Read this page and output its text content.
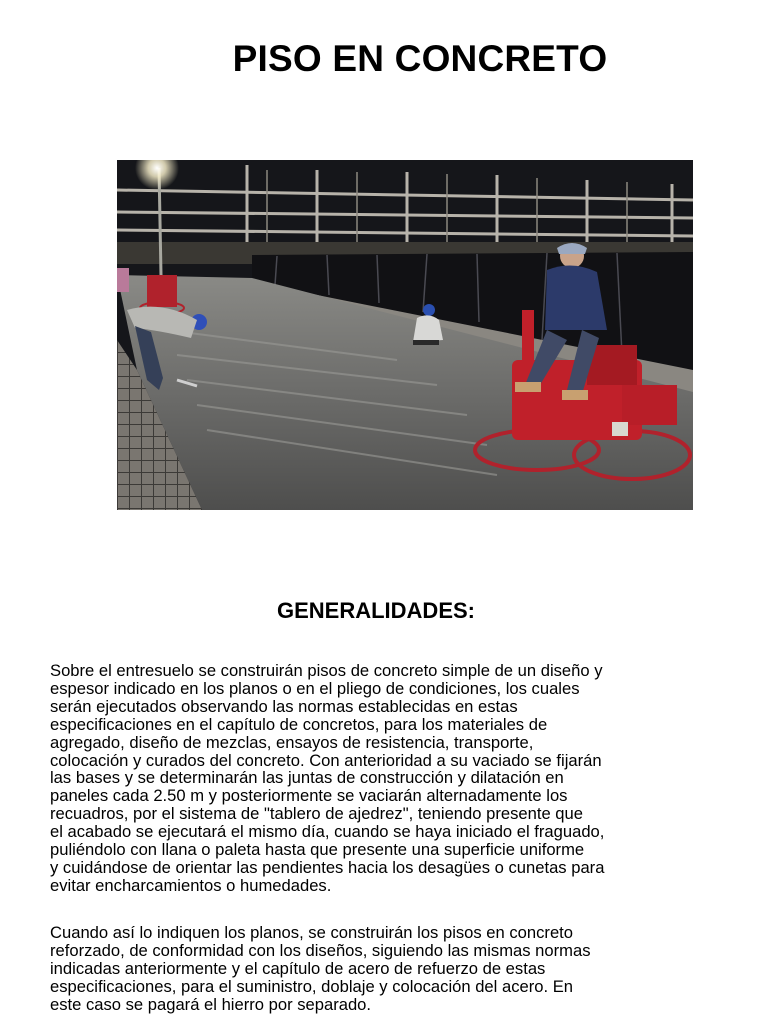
PISO EN CONCRETO
GENERALIDADES:
Sobre el entresuelo se construirán pisos de concreto simple de un diseño y
espesor indicado en los planos o en el pliego de condiciones, los cuales
serán ejecutados observando las normas establecidas en estas
especificaciones en el capítulo de concretos, para los materiales de
agregado, diseño de mezclas, ensayos de resistencia, transporte,
colocación y curados del concreto. Con anterioridad a su vaciado se fijarán
las bases y se determinarán las juntas de construcción y dilatación en
paneles cada 2.50 m y posteriormente se vaciarán alternadamente los
recuadros, por el sistema de "tablero de ajedrez", teniendo presente que
el acabado se ejecutará el mismo día, cuando se haya iniciado el fraguado,
puliéndolo con llana o paleta hasta que presente una superficie uniforme
y cuidándose de orientar las pendientes hacia los desagües o cunetas para
evitar encharcamientos o humedades.
Cuando así lo indiquen los planos, se construirán los pisos en concreto
reforzado, de conformidad con los diseños, siguiendo las mismas normas
indicadas anteriormente y el capítulo de acero de refuerzo de estas
especificaciones, para el suministro, doblaje y colocación del acero. En
este caso se pagará el hierro por separado.
